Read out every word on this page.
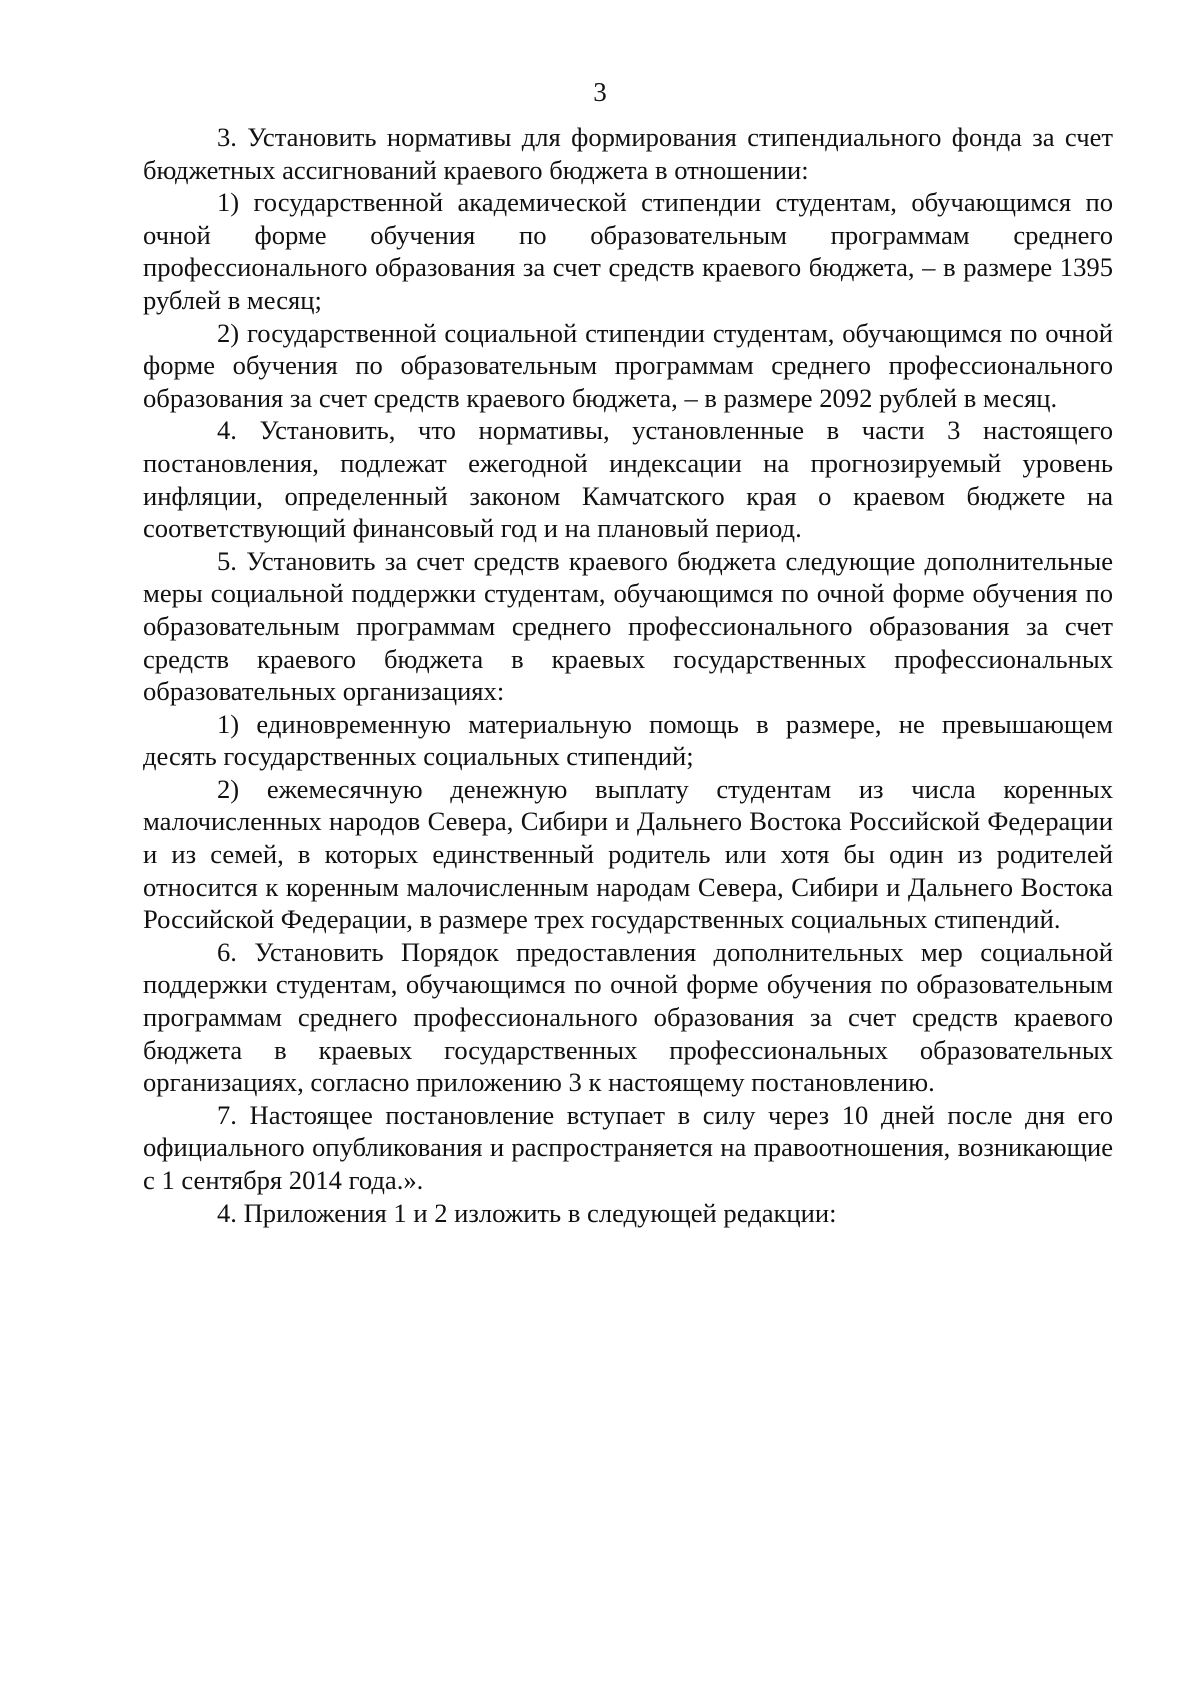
3

3. Установить нормативы для формирования стипендиального фонда за счет бюджетных ассигнований краевого бюджета в отношении:

1) государственной академической стипендии студентам, обучающимся по очной форме обучения по образовательным программам среднего профессионального образования за счет средств краевого бюджета, – в размере 1395 рублей в месяц;

2) государственной социальной стипендии студентам, обучающимся по очной форме обучения по образовательным программам среднего профессионального образования за счет средств краевого бюджета, – в размере 2092 рублей в месяц.

4. Установить, что нормативы, установленные в части 3 настоящего постановления, подлежат ежегодной индексации на прогнозируемый уровень инфляции, определенный законом Камчатского края о краевом бюджете на соответствующий финансовый год и на плановый период.

5. Установить за счет средств краевого бюджета следующие дополнительные меры социальной поддержки студентам, обучающимся по очной форме обучения по образовательным программам среднего профессионального образования за счет средств краевого бюджета в краевых государственных профессиональных образовательных организациях:

1) единовременную материальную помощь в размере, не превышающем десять государственных социальных стипендий;

2) ежемесячную денежную выплату студентам из числа коренных малочисленных народов Севера, Сибири и Дальнего Востока Российской Федерации и из семей, в которых единственный родитель или хотя бы один из родителей относится к коренным малочисленным народам Севера, Сибири и Дальнего Востока Российской Федерации, в размере трех государственных социальных стипендий.

6. Установить Порядок предоставления дополнительных мер социальной поддержки студентам, обучающимся по очной форме обучения по образовательным программам среднего профессионального образования за счет средств краевого бюджета в краевых государственных профессиональных образовательных организациях, согласно приложению 3 к настоящему постановлению.

7. Настоящее постановление вступает в силу через 10 дней после дня его официального опубликования и распространяется на правоотношения, возникающие с 1 сентября 2014 года.».

4. Приложения 1 и 2 изложить в следующей редакции:
